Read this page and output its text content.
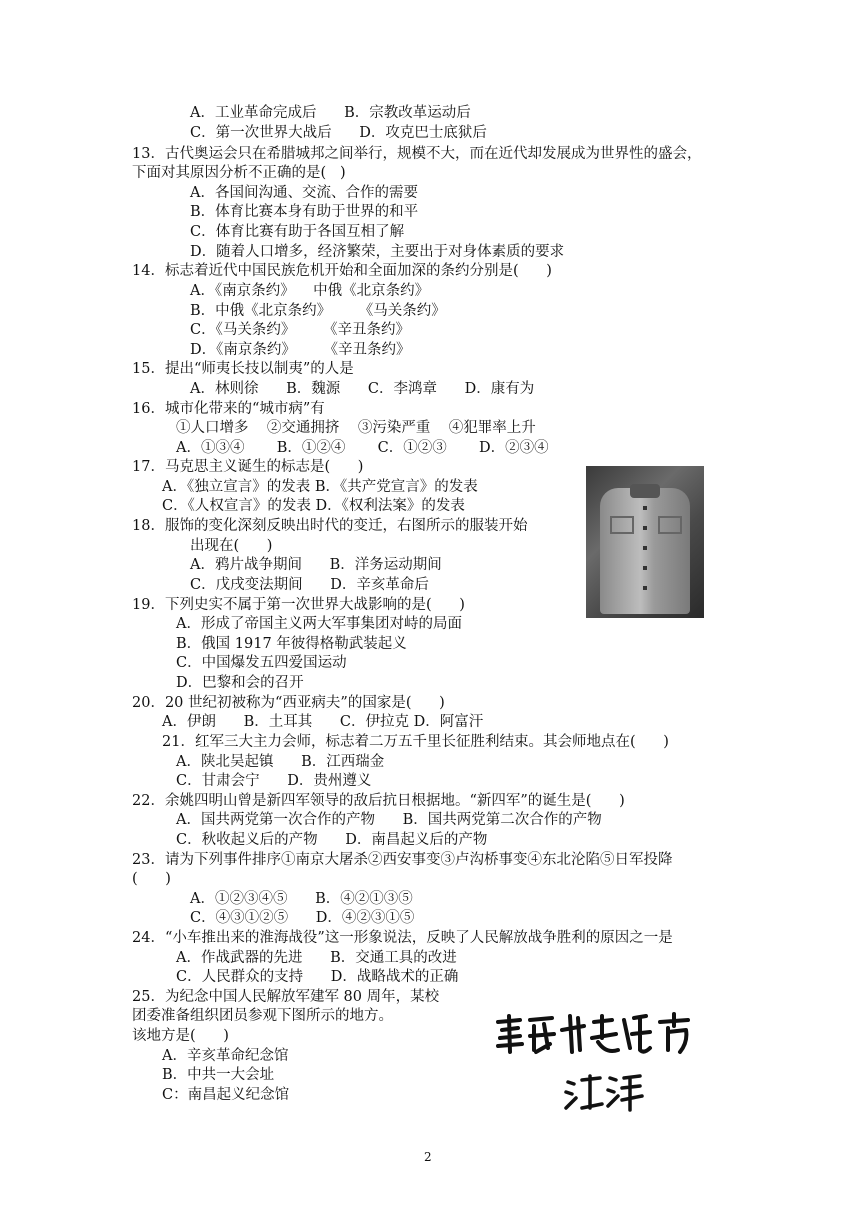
A．工业革命完成后      B．宗教改革运动后
C．第一次世界大战后      D．攻克巴士底狱后
13．古代奥运会只在希腊城邦之间举行，规模不大，而在近代却发展成为世界性的盛会，
下面对其原因分析不正确的是(   )
A．各国间沟通、交流、合作的需要
B．体育比赛本身有助于世界的和平
C．体育比赛有助于各国互相了解
D．随着人口增多，经济繁荣，主要出于对身体素质的要求
14．标志着近代中国民族危机开始和全面加深的条约分别是(      )
A．《南京条约》    中俄《北京条约》
B．中俄《北京条约》      《马关条约》
C．《马关条约》      《辛丑条约》
D．《南京条约》      《辛丑条约》
15．提出“师夷长技以制夷”的人是
A．林则徐      B．魏源      C．李鸿章      D．康有为
16．城市化带来的“城市病”有
①人口增多    ②交通拥挤    ③污染严重    ④犯罪率上升
A．①③④       B．①②④       C．①②③       D．②③④
17．马克思主义诞生的标志是(      )
A．《独立宣言》的发表 B．《共产党宣言》的发表
C．《人权宣言》的发表 D．《权利法案》的发表
18．服饰的变化深刻反映出时代的变迁，右图所示的服装开始
出现在(      )
A．鸦片战争期间      B．洋务运动期间
C．戊戌变法期间      D．辛亥革命后
19．下列史实不属于第一次世界大战影响的是(      )
A．形成了帝国主义两大军事集团对峙的局面
B．俄国 1917 年彼得格勒武装起义
C．中国爆发五四爱国运动
D．巴黎和会的召开
20．20 世纪初被称为“西亚病夫”的国家是(      )
A．伊朗      B．土耳其      C．伊拉克 D．阿富汗
21．红军三大主力会师，标志着二万五千里长征胜利结束。其会师地点在(      )
A．陕北吴起镇      B．江西瑞金
C．甘肃会宁      D．贵州遵义
22．余姚四明山曾是新四军领导的敌后抗日根据地。“新四军”的诞生是(      )
A．国共两党第一次合作的产物      B．国共两党第二次合作的产物
C．秋收起义后的产物      D．南昌起义后的产物
23．请为下列事件排序①南京大屠杀②西安事变③卢沟桥事变④东北沦陷⑤日军投降
(      )
A．①②③④⑤      B．④②①③⑤
C．④③①②⑤      D．④②③①⑤
24．“小车推出来的淮海战役”这一形象说法，反映了人民解放战争胜利的原因之一是
A．作战武器的先进      B．交通工具的改进
C．人民群众的支持      D．战略战术的正确
25．为纪念中国人民解放军建军 80 周年，某校
团委准备组织团员参观下图所示的地方。
该地方是(      )
A．辛亥革命纪念馆
B．中共一大会址
C：南昌起义纪念馆
2
